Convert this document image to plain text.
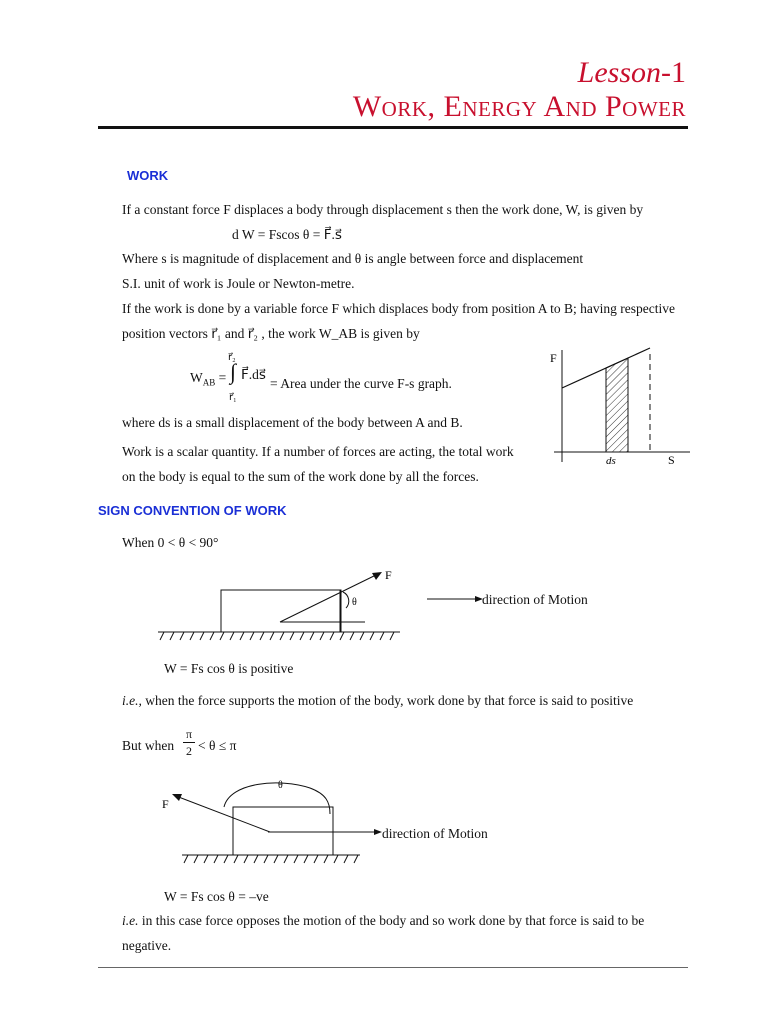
Lesson-1
Work, Energy And Power
WORK
If a constant force F displaces a body through displacement s then the work done, W, is given by
d W = Fscos θ = F⃗.s⃗
Where s is magnitude of displacement and θ is angle between force and displacement
S.I. unit of work is Joule or Newton-metre.
If the work is done by a variable force F which displaces body from position A to B; having respective
position vectors r⃗₁ and r⃗₂ , the work W_AB is given by
$W_{AB}$ =
r⃗₂
∫ F⃗.ds⃗
r⃗₁
= Area under the curve F-s graph.
where ds is a small displacement of the body between A and B.
Work is a scalar quantity. If a number of forces are acting, the total work
on the body is equal to the sum of the work done by all the forces.
F
S
ds
SIGN CONVENTION OF WORK
When 0 < θ < 90°
F
θ	direction of Motion
W = Fs cos θ is positive
i.e., when the force supports the motion of the body, work done by that force is said to positive
But when
π
2 < θ ≤ π
F
θ
direction of Motion
W = Fs cos θ = –ve
i.e. in this case force opposes the motion of the body and so work done by that force is said to be
negative.
